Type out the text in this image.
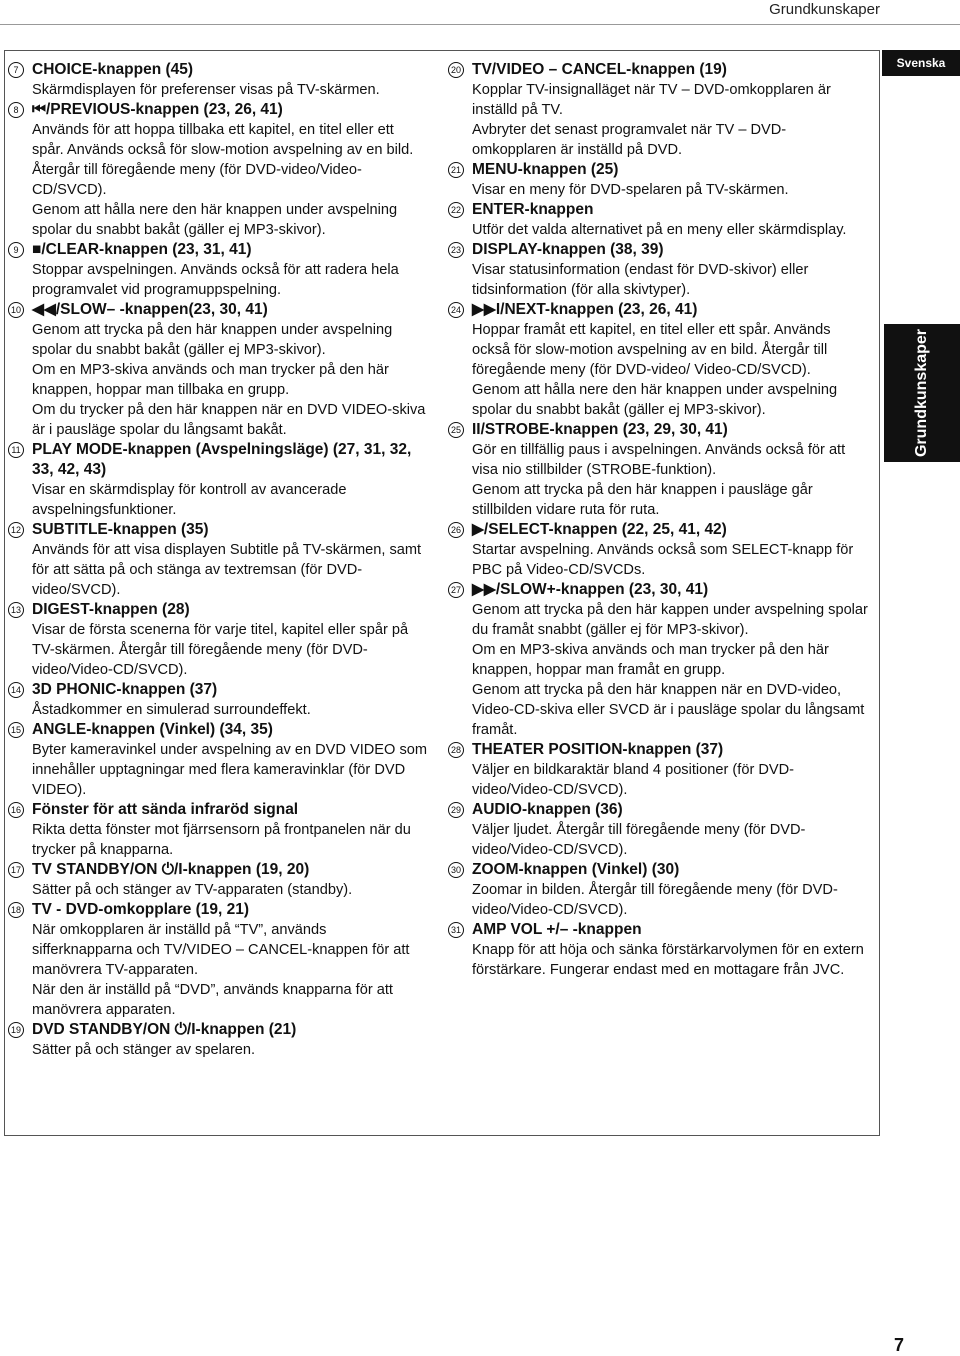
Grundkunskaper
Svenska
Grundkunskaper
7 CHOICE-knappen (45)

Skärmdisplayen för preferenser visas på TV-skärmen.

8 ⏮/PREVIOUS-knappen (23, 26, 41)

Används för att hoppa tillbaka ett kapitel, en titel eller ett spår. Används också för slow-motion avspelning av en bild. Återgår till föregående meny (för DVD-video/Video-CD/SVCD).

Genom att hålla nere den här knappen under avspelning spolar du snabbt bakåt (gäller ej MP3-skivor).

9 ■/CLEAR-knappen (23, 31, 41)

Stoppar avspelningen. Används också för att radera hela programvalet vid programuppspelning.

10 ◀◀/SLOW– -knappen(23, 30, 41)

Genom att trycka på den här knappen under avspelning spolar du snabbt bakåt (gäller ej MP3-skivor).

Om en MP3-skiva används och man trycker på den här knappen, hoppar man tillbaka en grupp.

Om du trycker på den här knappen när en DVD VIDEO-skiva är i pausläge spolar du långsamt bakåt.

11 PLAY MODE-knappen (Avspelningsläge) (27, 31, 32, 33, 42, 43)

Visar en skärmdisplay för kontroll av avancerade avspelningsfunktioner.

12 SUBTITLE-knappen (35)

Används för att visa displayen Subtitle på TV-skärmen, samt för att sätta på och stänga av textremsan (för DVD-video/SVCD).

13 DIGEST-knappen (28)

Visar de första scenerna för varje titel, kapitel eller spår på TV-skärmen. Återgår till föregående meny (för DVD-video/Video-CD/SVCD).

14 3D PHONIC-knappen (37)

Åstadkommer en simulerad surroundeffekt.

15 ANGLE-knappen (Vinkel) (34, 35)

Byter kameravinkel under avspelning av en DVD VIDEO som innehåller upptagningar med flera kameravinklar (för DVD VIDEO).

16 Fönster för att sända infraröd signal

Rikta detta fönster mot fjärrsensorn på frontpanelen när du trycker på knapparna.

17 TV STANDBY/ON ⏻/I-knappen (19, 20)

Sätter på och stänger av TV-apparaten (standby).

18 TV - DVD-omkopplare (19, 21)

När omkopplaren är inställd på “TV”, används sifferknapparna och TV/VIDEO – CANCEL-knappen för att manövrera TV-apparaten.

När den är inställd på “DVD”, används knapparna för att manövrera apparaten.

19 DVD STANDBY/ON ⏻/I-knappen (21)

Sätter på och stänger av spelaren.

20 TV/VIDEO – CANCEL-knappen (19)

Kopplar TV-insignalläget när TV – DVD-omkopplaren är inställd på TV.

Avbryter det senast programvalet när TV – DVD-omkopplaren är inställd på DVD.

21 MENU-knappen (25)

Visar en meny för DVD-spelaren på TV-skärmen.

22 ENTER-knappen

Utför det valda alternativet på en meny eller skärmdisplay.

23 DISPLAY-knappen (38, 39)

Visar statusinformation (endast för DVD-skivor) eller tidsinformation (för alla skivtyper).

24 ▶▶I/NEXT-knappen (23, 26, 41)

Hoppar framåt ett kapitel, en titel eller ett spår. Används också för slow-motion avspelning av en bild. Återgår till föregående meny (för DVD-video/ Video-CD/SVCD).

Genom att hålla nere den här knappen under avspelning spolar du snabbt bakåt (gäller ej MP3-skivor).

25 II/STROBE-knappen (23, 29, 30, 41)

Gör en tillfällig paus i avspelningen. Används också för att visa nio stillbilder (STROBE-funktion).

Genom att trycka på den här knappen i pausläge går stillbilden vidare ruta för ruta.

26 ▶/SELECT-knappen (22, 25, 41, 42)

Startar avspelning. Används också som SELECT-knapp för PBC på Video-CD/SVCDs.

27 ▶▶/SLOW+-knappen (23, 30, 41)

Genom att trycka på den här kappen under avspelning spolar du framåt snabbt (gäller ej för MP3-skivor).

Om en MP3-skiva används och man trycker på den här knappen, hoppar man framåt en grupp.

Genom att trycka på den här knappen när en DVD-video, Video-CD-skiva eller SVCD är i pausläge spolar du långsamt framåt.

28 THEATER POSITION-knappen (37)

Väljer en bildkaraktär bland 4 positioner (för DVD-video/Video-CD/SVCD).

29 AUDIO-knappen (36)

Väljer ljudet. Återgår till föregående meny (för DVD-video/Video-CD/SVCD).

30 ZOOM-knappen (Vinkel) (30)

Zoomar in bilden. Återgår till föregående meny (för DVD-video/Video-CD/SVCD).

31 AMP VOL +/– -knappen

Knapp för att höja och sänka förstärkarvolymen för en extern förstärkare. Fungerar endast med en mottagare från JVC.

7
